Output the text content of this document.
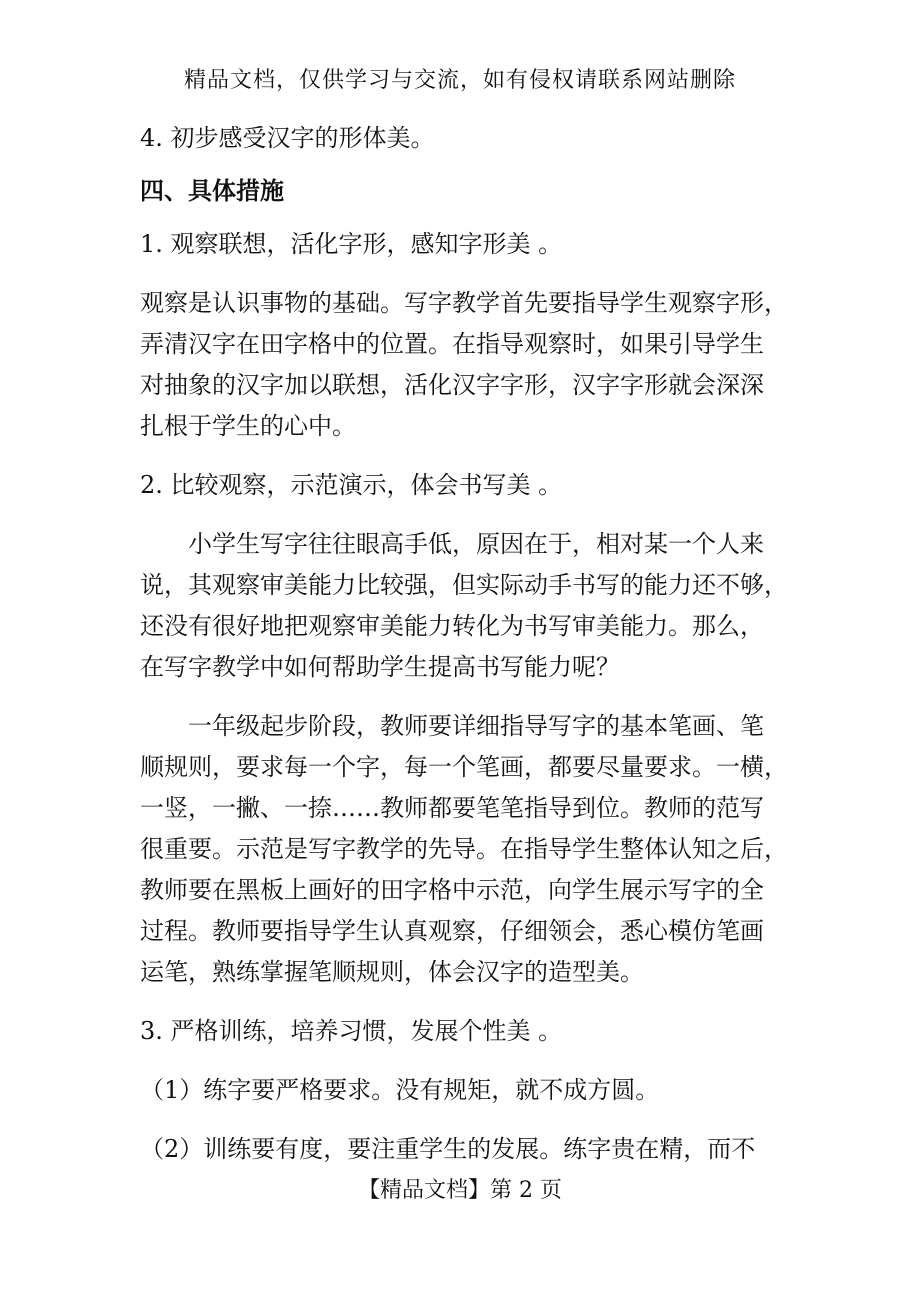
精品文档，仅供学习与交流，如有侵权请联系网站删除
4. 初步感受汉字的形体美。
四、具体措施
1. 观察联想，活化字形，感知字形美 。
观察是认识事物的基础。写字教学首先要指导学生观察字形，
弄清汉字在田字格中的位置。在指导观察时，如果引导学生
对抽象的汉字加以联想，活化汉字字形，汉字字形就会深深
扎根于学生的心中。
2. 比较观察，示范演示，体会书写美 。
小学生写字往往眼高手低，原因在于，相对某一个人来
说，其观察审美能力比较强，但实际动手书写的能力还不够，
还没有很好地把观察审美能力转化为书写审美能力。那么，
在写字教学中如何帮助学生提高书写能力呢？
一年级起步阶段，教师要详细指导写字的基本笔画、笔
顺规则，要求每一个字，每一个笔画，都要尽量要求。一横，
一竖，一撇、一捺……教师都要笔笔指导到位。教师的范写
很重要。示范是写字教学的先导。在指导学生整体认知之后，
教师要在黑板上画好的田字格中示范，向学生展示写字的全
过程。教师要指导学生认真观察，仔细领会，悉心模仿笔画
运笔，熟练掌握笔顺规则，体会汉字的造型美。
3. 严格训练，培养习惯，发展个性美 。
（1）练字要严格要求。没有规矩，就不成方圆。
（2）训练要有度，要注重学生的发展。练字贵在精，而不
【精品文档】第 2 页
